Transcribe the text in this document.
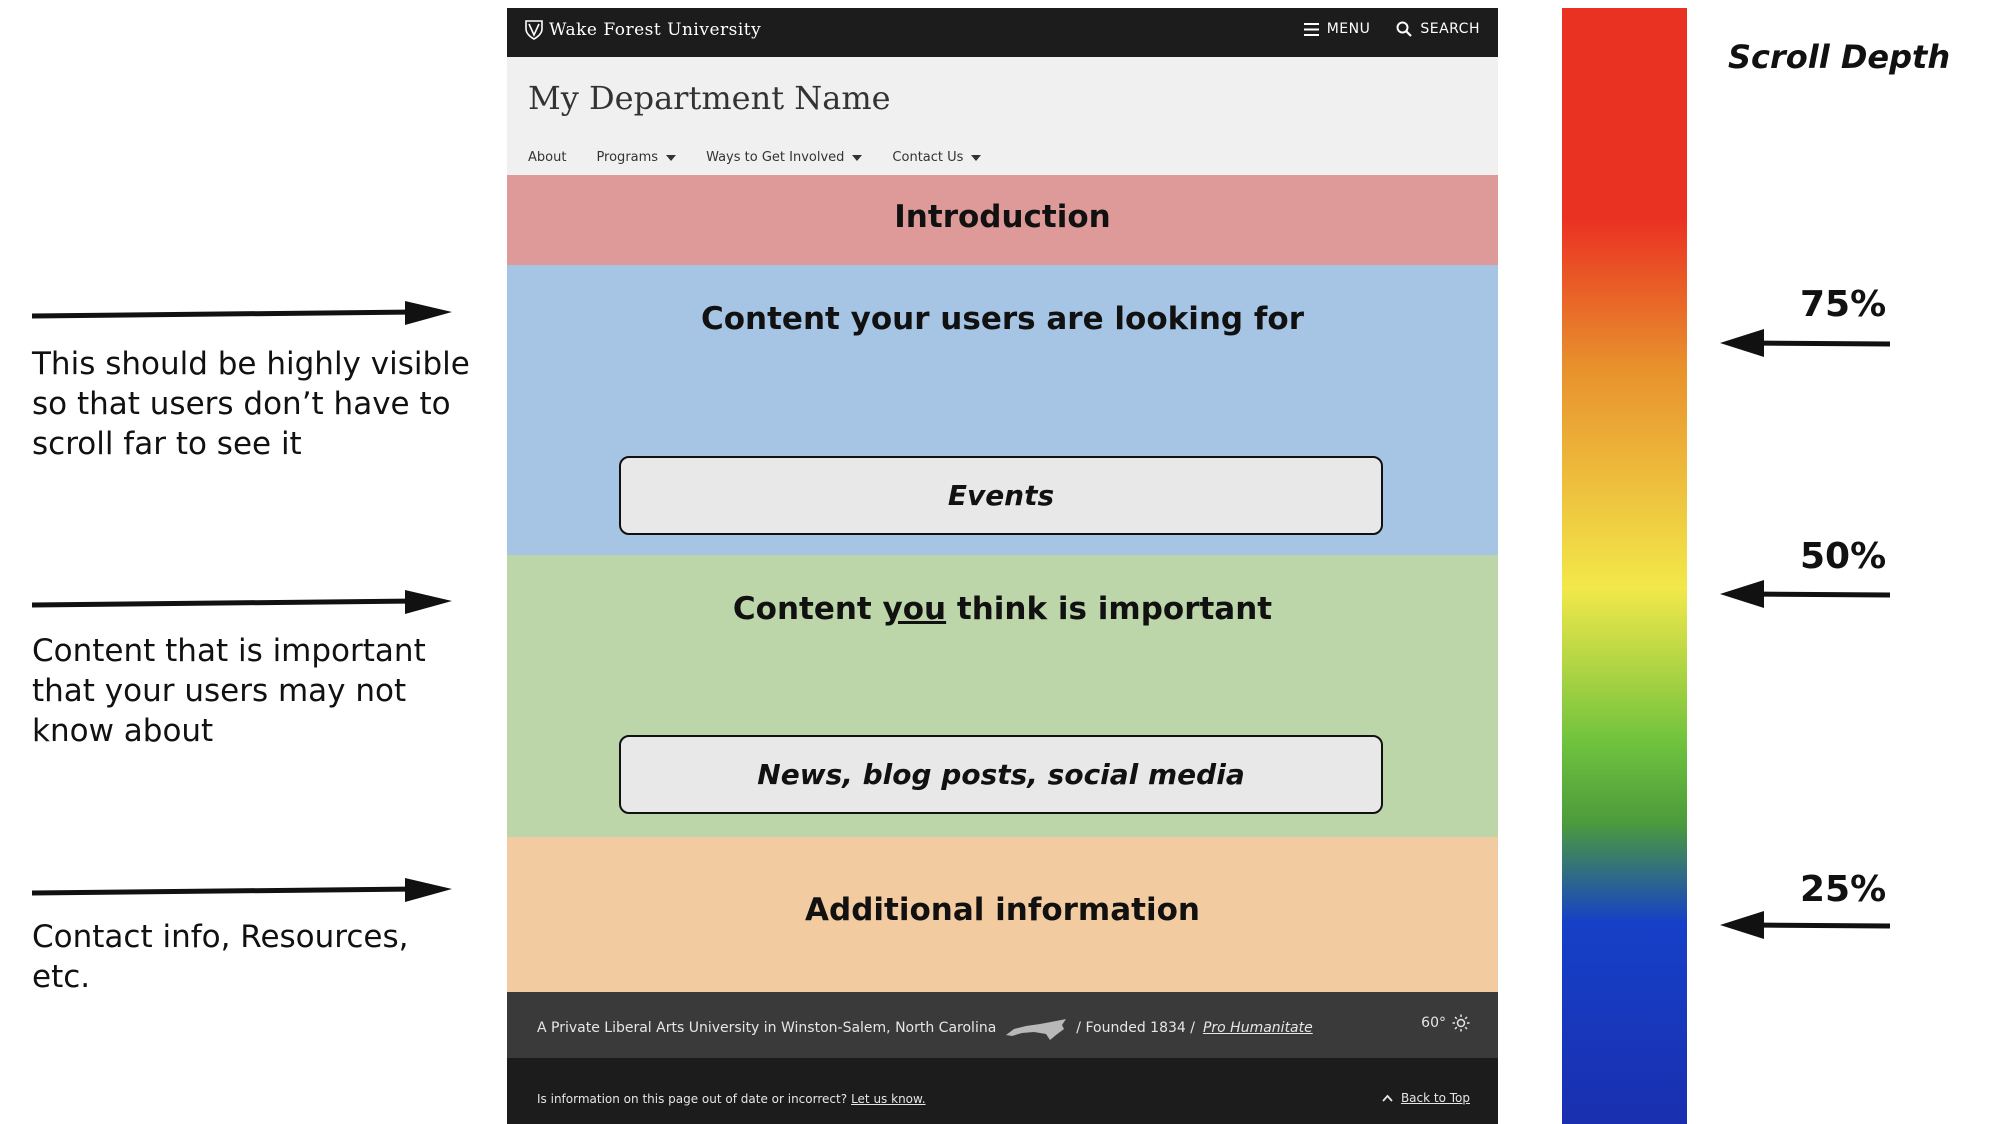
This should be highly visible so that users don’t have to scroll far to see it
Content that is important that your users may not know about
Contact info, Resources, etc.
Wake Forest University	MENU	SEARCH
My Department Name
About Programs	Ways to Get Involved	Contact Us
Introduction
Content your users are looking for
Events
Content you think is important
News, blog posts, social media
Additional information
A Private Liberal Arts University in Winston-Salem, North Carolina	/ Founded 1834 / Pro Humanitate	60°
Is information on this page out of date or incorrect? Let us know.	Back to Top
Scroll Depth
75%
50%
25%
